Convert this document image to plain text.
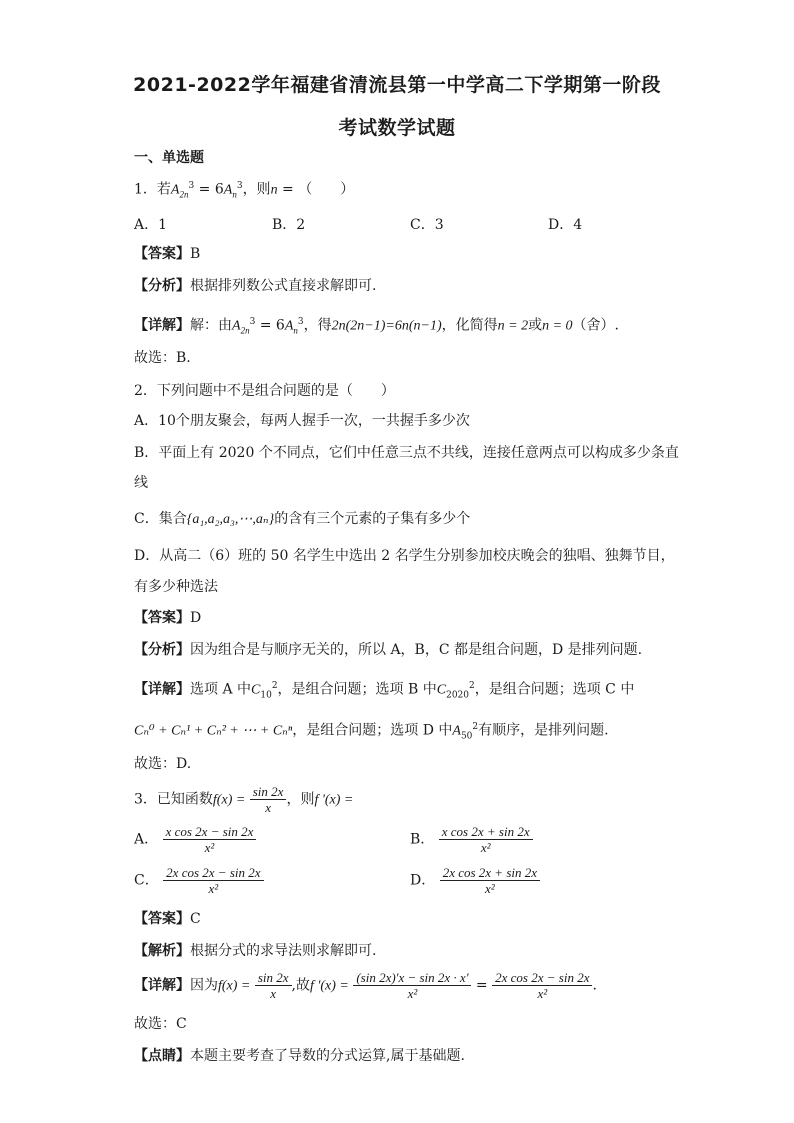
2021-2022学年福建省清流县第一中学高二下学期第一阶段
考试数学试题
一、单选题
1．若$A_{2n}^3 = 6A_n^3$，则n = （　　）
A．1	B．2	C．3	D．4
【答案】B
【分析】根据排列数公式直接求解即可.
【详解】解：由$A_{2n}^3 = 6A_n^3$，得2n(2n−1)=6n(n−1)，化简得n = 2或n = 0（舍）.
故选：B.
2．下列问题中不是组合问题的是（　　）
A．10个朋友聚会，每两人握手一次，一共握手多少次
B．平面上有 2020 个不同点，它们中任意三点不共线，连接任意两点可以构成多少条直
线
C．集合{a₁,a₂,a₃,⋯,aₙ}的含有三个元素的子集有多少个
D．从高二（6）班的 50 名学生中选出 2 名学生分别参加校庆晚会的独唱、独舞节目，
有多少种选法
【答案】D
【分析】因为组合是与顺序无关的，所以 A，B，C 都是组合问题，D 是排列问题.
【详解】选项 A 中$C_{10}^2$，是组合问题；选项 B 中$C_{2020}^2$，是组合问题；选项 C 中
Cₙ⁰ + Cₙ¹ + Cₙ² + ⋯ + Cₙⁿ，是组合问题；选项 D 中$A_{50}^2$有顺序，是排列问题.
故选：D.
3．已知函数$f(x) = \frac{\sin 2x}{x}$ ，则f '(x) =
A． $\frac{\text{x cos 2x − sin 2x}}{\text{x²}}$	B． $\frac{\text{x cos 2x + sin 2x}}{\text{x²}}$
C． $\frac{\text{2x cos 2x − sin 2x}}{\text{x²}}$	D． $\frac{\text{2x cos 2x + sin 2x}}{\text{x²}}$
【答案】C
【解析】根据分式的求导法则求解即可.
【详解】因为$f(x) = \frac{\sin 2x}{x}$ ,故f '$(x) = \frac{(\sin 2x)'x - \sin 2x \cdot x'}{\text{x²}} = \frac{\text{2x cos 2x − sin 2x}}{\text{x²}}$ .
故选：C
【点睛】本题主要考查了导数的分式运算,属于基础题.
